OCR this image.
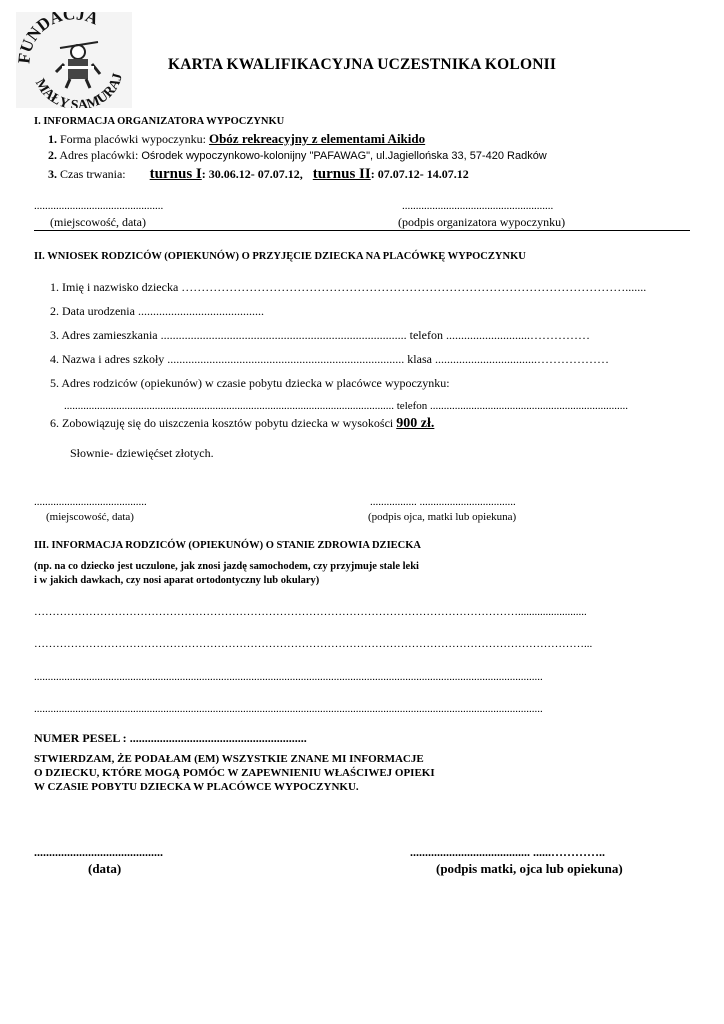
FUNDACJA
MAŁY SAMURAJ
KARTA KWALIFIKACYJNA UCZESTNIKA KOLONII
I. INFORMACJA ORGANIZATORA WYPOCZYNKU
1. Forma placówki wypoczynku: Obóz rekreacyjny z elementami Aikido
2. Adres placówki: Ośrodek wypoczynkowo-kolonijny "PAFAWAG", ul.Jagiellońska 33, 57-420 Radków
3. Czas trwania: turnus I: 30.06.12- 07.07.12, turnus II: 07.07.12- 14.07.12
...............................................	.......................................................
(miejscowość, data)	(podpis organizatora wypoczynku)
II. WNIOSEK RODZICÓW (OPIEKUNÓW) O PRZYJĘCIE DZIECKA NA PLACÓWKĘ WYPOCZYNKU
1. Imię i nazwisko dziecka ………………………………………………………………………………………………….......
2. Data urodzenia ..........................................
3. Adres zamieszkania .................................................................................. telefon ............................……………
4. Nazwa i adres szkoły ............................................................................... klasa ..................................………………
5. Adres rodziców (opiekunów) w czasie pobytu dziecka w placówce wypoczynku:
........................................................................................................................ telefon ........................................................................
6. Zobowiązuję się do uiszczenia kosztów pobytu dziecka w wysokości 900 zł.
Słownie- dziewięćset złotych.
.........................................	................. ...................................
(miejscowość, data)	(podpis ojca, matki lub opiekuna)
III. INFORMACJA RODZICÓW (OPIEKUNÓW) O STANIE ZDROWIA DZIECKA
(np. na co dziecko jest uczulone, jak znosi jazdę samochodem, czy przyjmuje stale leki
i w jakich dawkach, czy nosi aparat ortodontyczny lub okulary)
…………………………………………………………………………………………………………………….........................
……………………………………………………………………………………………………………………………………...
.........................................................................................................................................................................................
.........................................................................................................................................................................................
NUMER PESEL : ...........................................................
STWIERDZAM, ŻE PODAŁAM (EM) WSZYSTKIE ZNANE MI INFORMACJE
O DZIECKU, KTÓRE MOGĄ POMÓC W ZAPEWNIENIU WŁAŚCIWEJ OPIEKI
W CZASIE POBYTU DZIECKA W PLACÓWCE WYPOCZYNKU.
...........................................	........................................ ......…………..
(data)	(podpis matki, ojca lub opiekuna)
